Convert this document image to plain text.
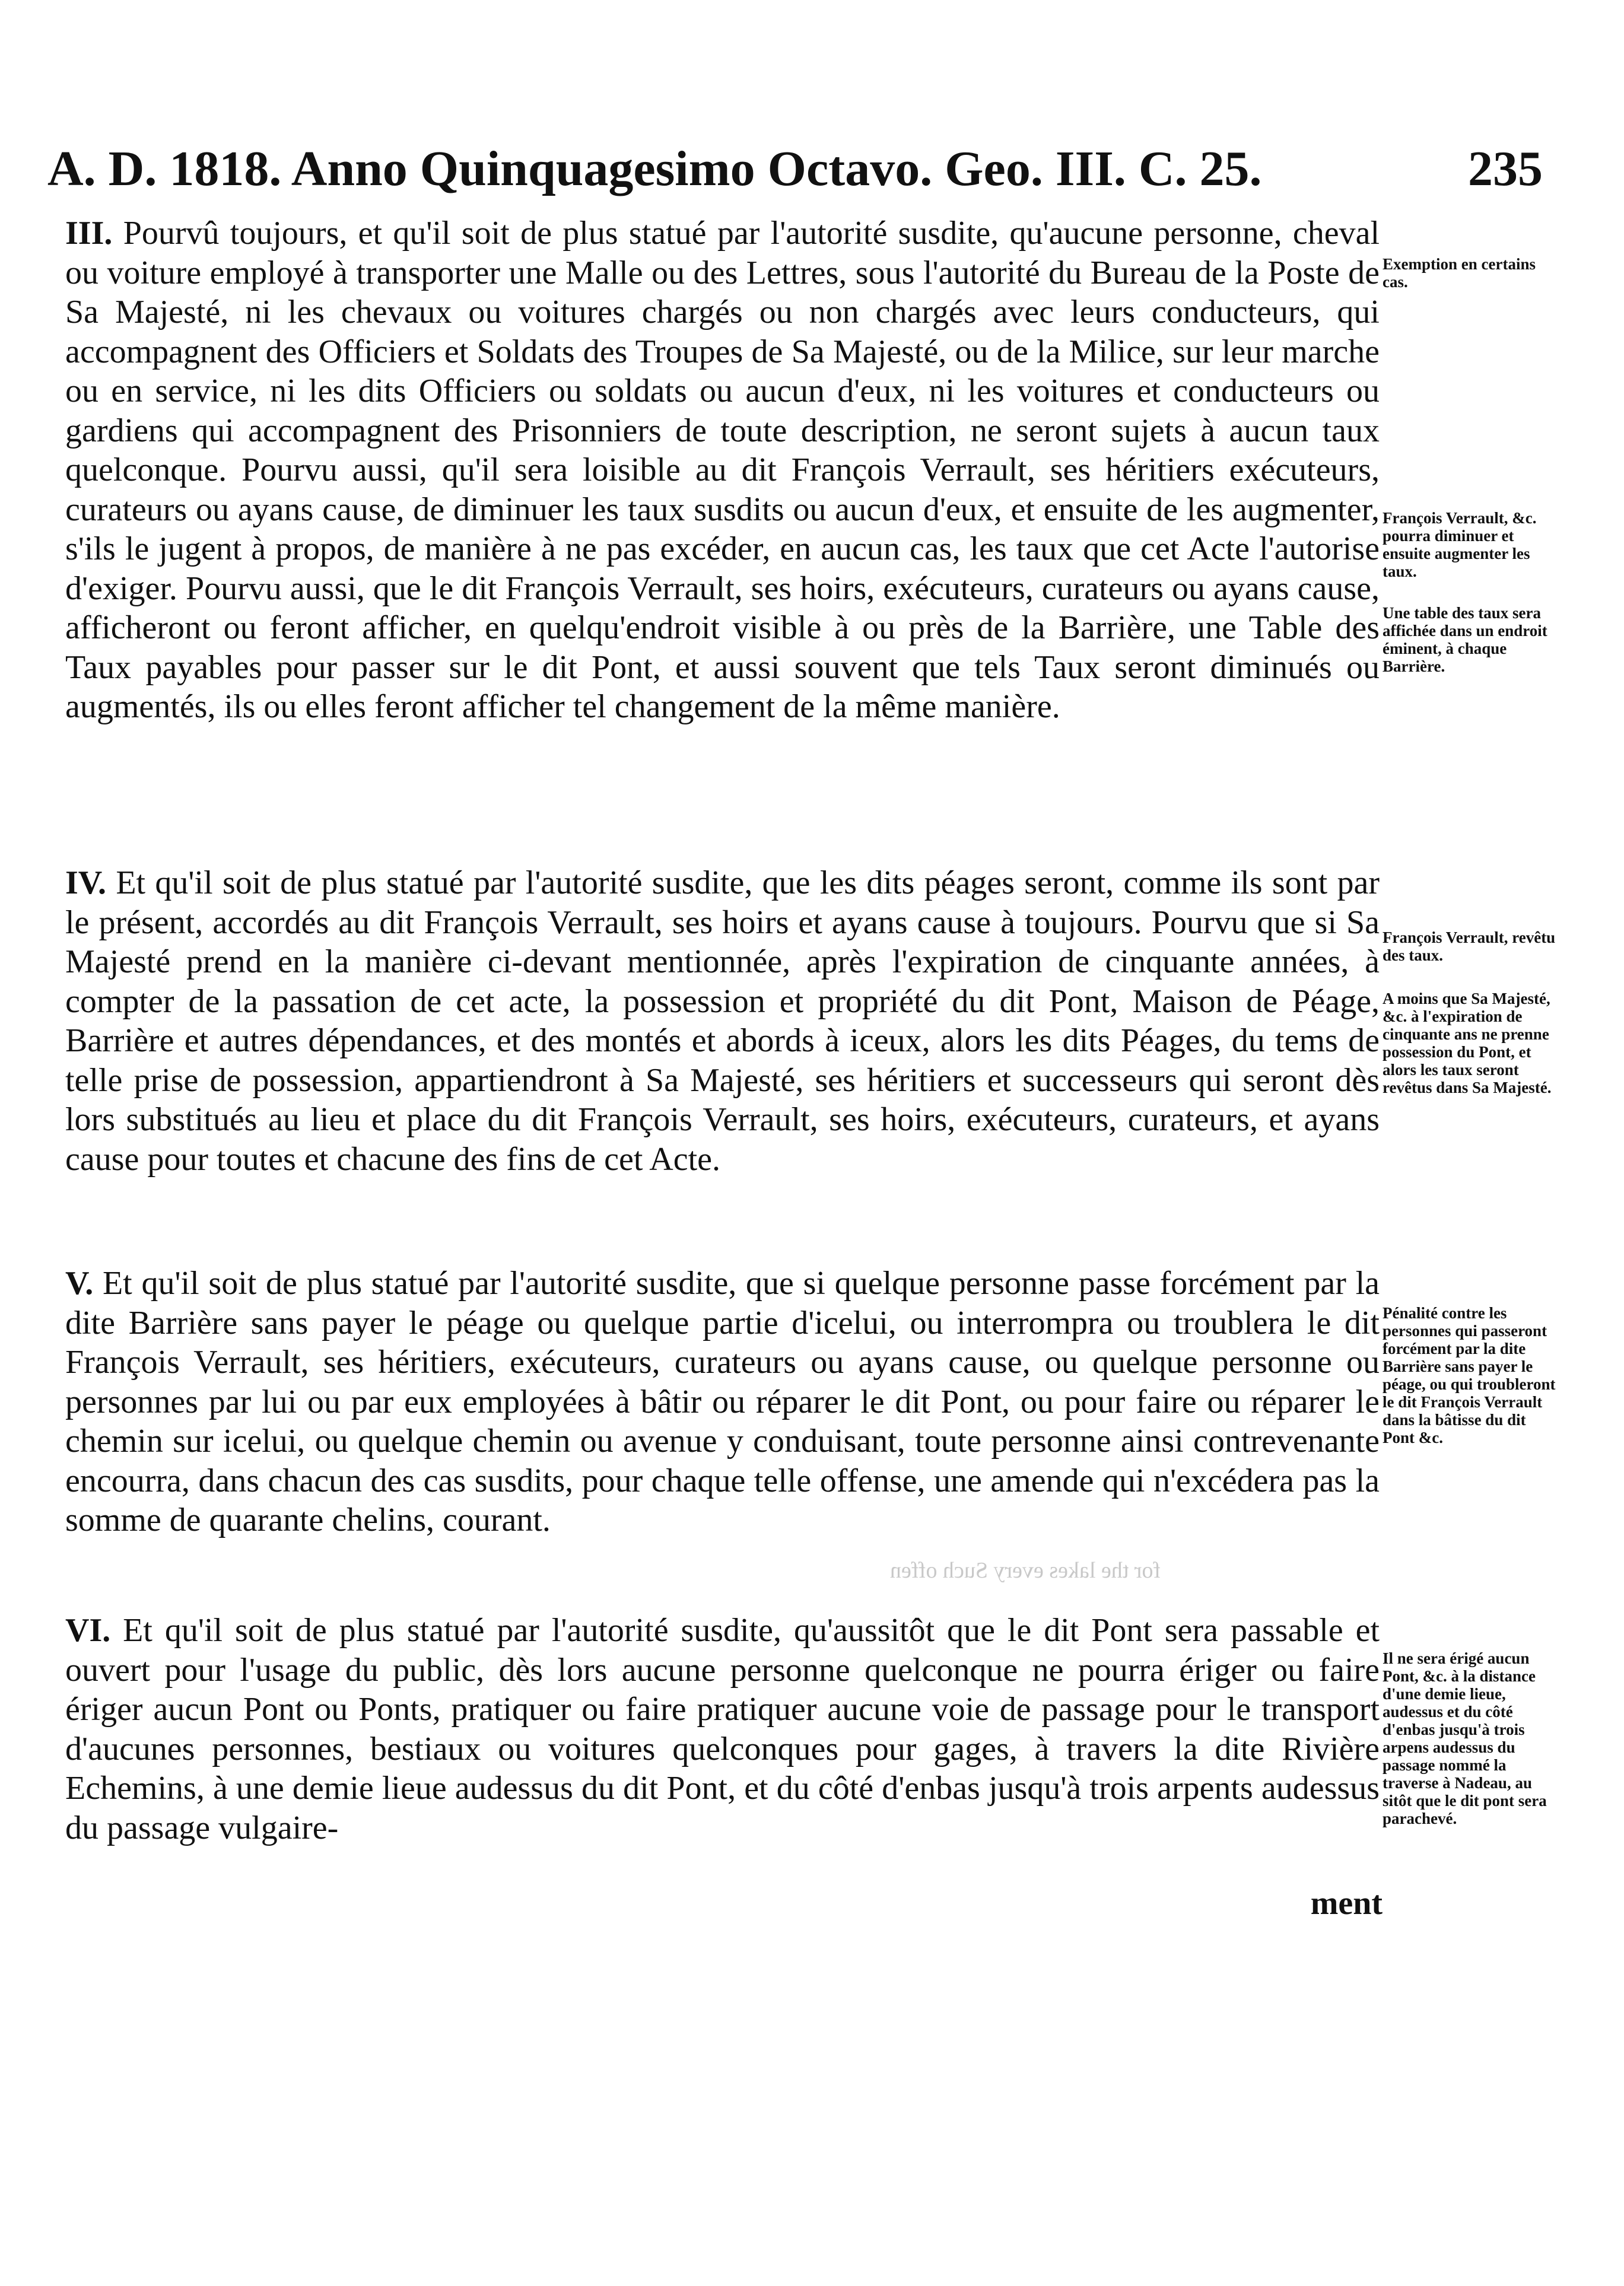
A. D. 1818. Anno Quinquagesimo Octavo. Geo. III. C. 25.	235
III. Pourvû toujours, et qu'il soit de plus statué par l'autorité susdite, qu'aucune personne, cheval ou voiture employé à transporter une Malle ou des Lettres, sous l'autorité du Bureau de la Poste de Sa Majesté, ni les chevaux ou voitures chargés ou non chargés avec leurs conducteurs, qui accompagnent des Officiers et Soldats des Troupes de Sa Majesté, ou de la Milice, sur leur marche ou en service, ni les dits Officiers ou soldats ou aucun d'eux, ni les voitures et conducteurs ou gardiens qui accompagnent des Prisonniers de toute description, ne seront sujets à aucun taux quelconque. Pourvu aussi, qu'il sera loisible au dit François Verrault, ses héritiers exécuteurs, curateurs ou ayans cause, de diminuer les taux susdits ou aucun d'eux, et ensuite de les augmenter, s'ils le jugent à propos, de manière à ne pas excéder, en aucun cas, les taux que cet Acte l'autorise d'exiger. Pourvu aussi, que le dit François Verrault, ses hoirs, exécuteurs, curateurs ou ayans cause, afficheront ou feront afficher, en quelqu'endroit visible à ou près de la Barrière, une Table des Taux payables pour passer sur le dit Pont, et aussi souvent que tels Taux seront diminués ou augmentés, ils ou elles feront afficher tel changement de la même manière.
IV. Et qu'il soit de plus statué par l'autorité susdite, que les dits péages seront, comme ils sont par le présent, accordés au dit François Verrault, ses hoirs et ayans cause à toujours. Pourvu que si Sa Majesté prend en la manière ci-devant mentionnée, après l'expiration de cinquante années, à compter de la passation de cet acte, la possession et propriété du dit Pont, Maison de Péage, Barrière et autres dépendances, et des montés et abords à iceux, alors les dits Péages, du tems de telle prise de possession, appartiendront à Sa Majesté, ses héritiers et successeurs qui seront dès lors substitués au lieu et place du dit François Verrault, ses hoirs, exécuteurs, curateurs, et ayans cause pour toutes et chacune des fins de cet Acte.
V. Et qu'il soit de plus statué par l'autorité susdite, que si quelque personne passe forcément par la dite Barrière sans payer le péage ou quelque partie d'icelui, ou interrompra ou troublera le dit François Verrault, ses héritiers, exécuteurs, curateurs ou ayans cause, ou quelque personne ou personnes par lui ou par eux employées à bâtir ou réparer le dit Pont, ou pour faire ou réparer le chemin sur icelui, ou quelque chemin ou avenue y conduisant, toute personne ainsi contrevenante encourra, dans chacun des cas susdits, pour chaque telle offense, une amende qui n'excédera pas la somme de quarante chelins, courant.
for the lakes every Such offen
VI. Et qu'il soit de plus statué par l'autorité susdite, qu'aussitôt que le dit Pont sera passable et ouvert pour l'usage du public, dès lors aucune personne quelconque ne pourra ériger ou faire ériger aucun Pont ou Ponts, pratiquer ou faire pratiquer aucune voie de passage pour le transport d'aucunes personnes, bestiaux ou voitures quelconques pour gages, à travers la dite Rivière Echemins, à une demie lieue audessus du dit Pont, et du côté d'enbas jusqu'à trois arpents audessus du passage vulgaire-
ment
Exemption en certains cas.
François Verrault, &c. pourra diminuer et ensuite augmenter les taux.
Une table des taux sera affichée dans un endroit éminent, à chaque Barrière.
François Verrault, revêtu des taux.
A moins que Sa Majesté, &c. à l'expiration de cinquante ans ne prenne possession du Pont, et alors les taux seront revêtus dans Sa Majesté.
Pénalité contre les personnes qui passeront forcément par la dite Barrière sans payer le péage, ou qui troubleront le dit François Verrault dans la bâtisse du dit Pont &c.
Il ne sera érigé aucun Pont, &c. à la distance d'une demie lieue, audessus et du côté d'enbas jusqu'à trois arpens audessus du passage nommé la traverse à Nadeau, au sitôt que le dit pont sera parachevé.
